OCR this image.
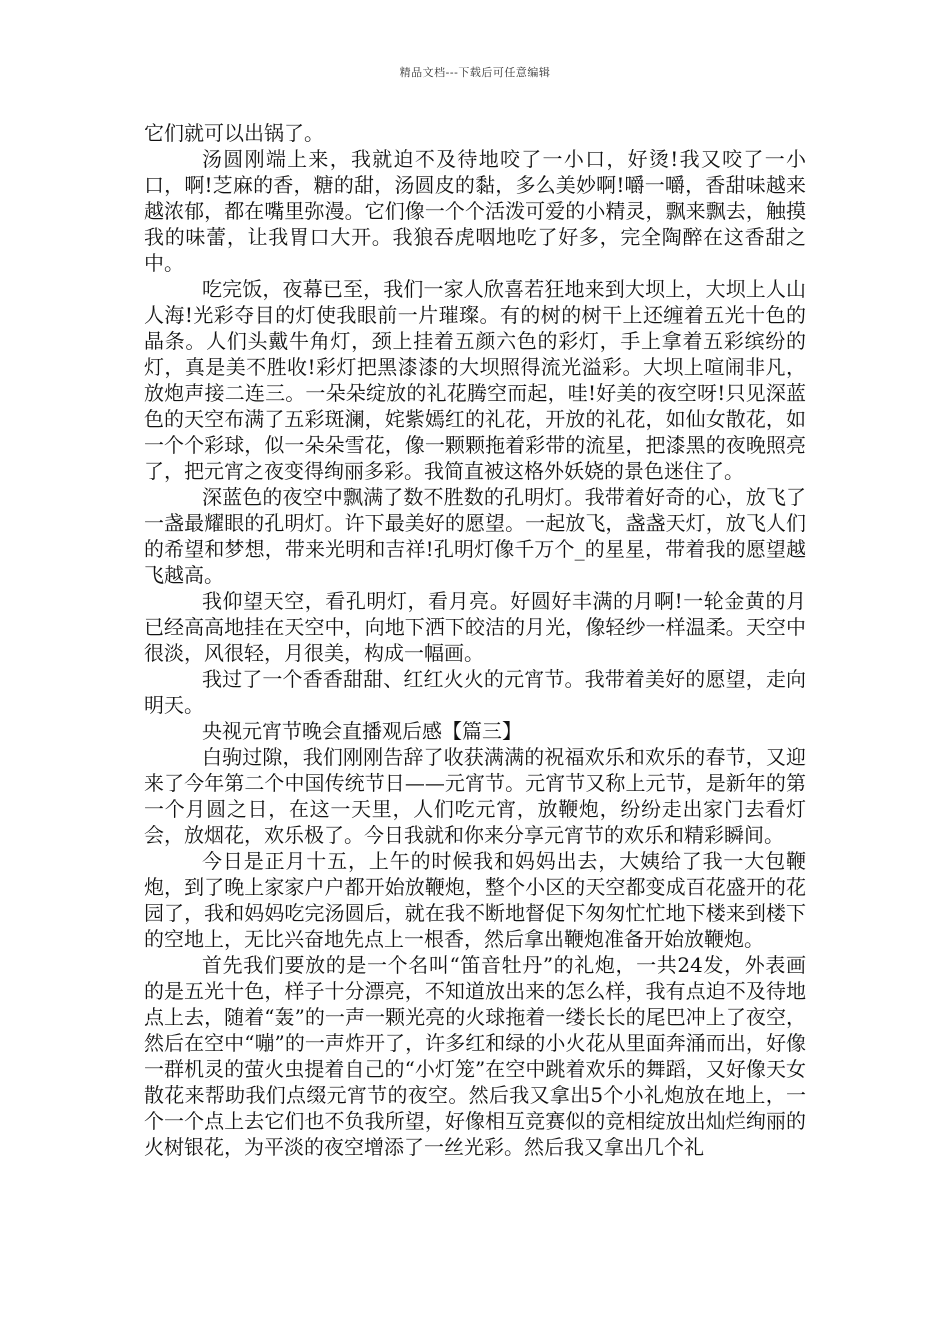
精品文档---下载后可任意编辑

它们就可以出锅了。

汤圆刚端上来，我就迫不及待地咬了一小口，好烫!我又咬了一小口，啊!芝麻的香，糖的甜，汤圆皮的黏，多么美妙啊!嚼一嚼，香甜味越来越浓郁，都在嘴里弥漫。它们像一个个活泼可爱的小精灵，飘来飘去，触摸我的味蕾，让我胃口大开。我狼吞虎咽地吃了好多，完全陶醉在这香甜之中。

吃完饭，夜幕已至，我们一家人欣喜若狂地来到大坝上，大坝上人山人海!光彩夺目的灯使我眼前一片璀璨。有的树的树干上还缠着五光十色的晶条。人们头戴牛角灯，颈上挂着五颜六色的彩灯，手上拿着五彩缤纷的灯，真是美不胜收!彩灯把黑漆漆的大坝照得流光溢彩。大坝上喧闹非凡，放炮声接二连三。一朵朵绽放的礼花腾空而起，哇!好美的夜空呀!只见深蓝色的天空布满了五彩斑澜，姹紫嫣红的礼花，开放的礼花，如仙女散花，如一个个彩球，似一朵朵雪花，像一颗颗拖着彩带的流星，把漆黑的夜晚照亮了，把元宵之夜变得绚丽多彩。我简直被这格外妖娆的景色迷住了。

深蓝色的夜空中飘满了数不胜数的孔明灯。我带着好奇的心，放飞了一盏最耀眼的孔明灯。许下最美好的愿望。一起放飞，盏盏天灯，放飞人们的希望和梦想，带来光明和吉祥!孔明灯像千万个_的星星，带着我的愿望越飞越高。

我仰望天空，看孔明灯，看月亮。好圆好丰满的月啊!一轮金黄的月已经高高地挂在天空中，向地下洒下皎洁的月光，像轻纱一样温柔。天空中很淡，风很轻，月很美，构成一幅画。

我过了一个香香甜甜、红红火火的元宵节。我带着美好的愿望，走向明天。

央视元宵节晚会直播观后感【篇三】

白驹过隙，我们刚刚告辞了收获满满的祝福欢乐和欢乐的春节，又迎来了今年第二个中国传统节日——元宵节。元宵节又称上元节，是新年的第一个月圆之日，在这一天里，人们吃元宵，放鞭炮，纷纷走出家门去看灯会，放烟花，欢乐极了。今日我就和你来分享元宵节的欢乐和精彩瞬间。

今日是正月十五，上午的时候我和妈妈出去，大姨给了我一大包鞭炮，到了晚上家家户户都开始放鞭炮，整个小区的天空都变成百花盛开的花园了，我和妈妈吃完汤圆后，就在我不断地督促下匆匆忙忙地下楼来到楼下的空地上，无比兴奋地先点上一根香，然后拿出鞭炮准备开始放鞭炮。

首先我们要放的是一个名叫“笛音牡丹”的礼炮，一共24发，外表画的是五光十色，样子十分漂亮，不知道放出来的怎么样，我有点迫不及待地点上去，随着“轰”的一声一颗光亮的火球拖着一缕长长的尾巴冲上了夜空，然后在空中“嘣”的一声炸开了，许多红和绿的小火花从里面奔涌而出，好像一群机灵的萤火虫提着自己的“小灯笼”在空中跳着欢乐的舞蹈，又好像天女散花来帮助我们点缀元宵节的夜空。然后我又拿出5个小礼炮放在地上，一个一个点上去它们也不负我所望，好像相互竞赛似的竞相绽放出灿烂绚丽的火树银花，为平淡的夜空增添了一丝光彩。然后我又拿出几个礼
